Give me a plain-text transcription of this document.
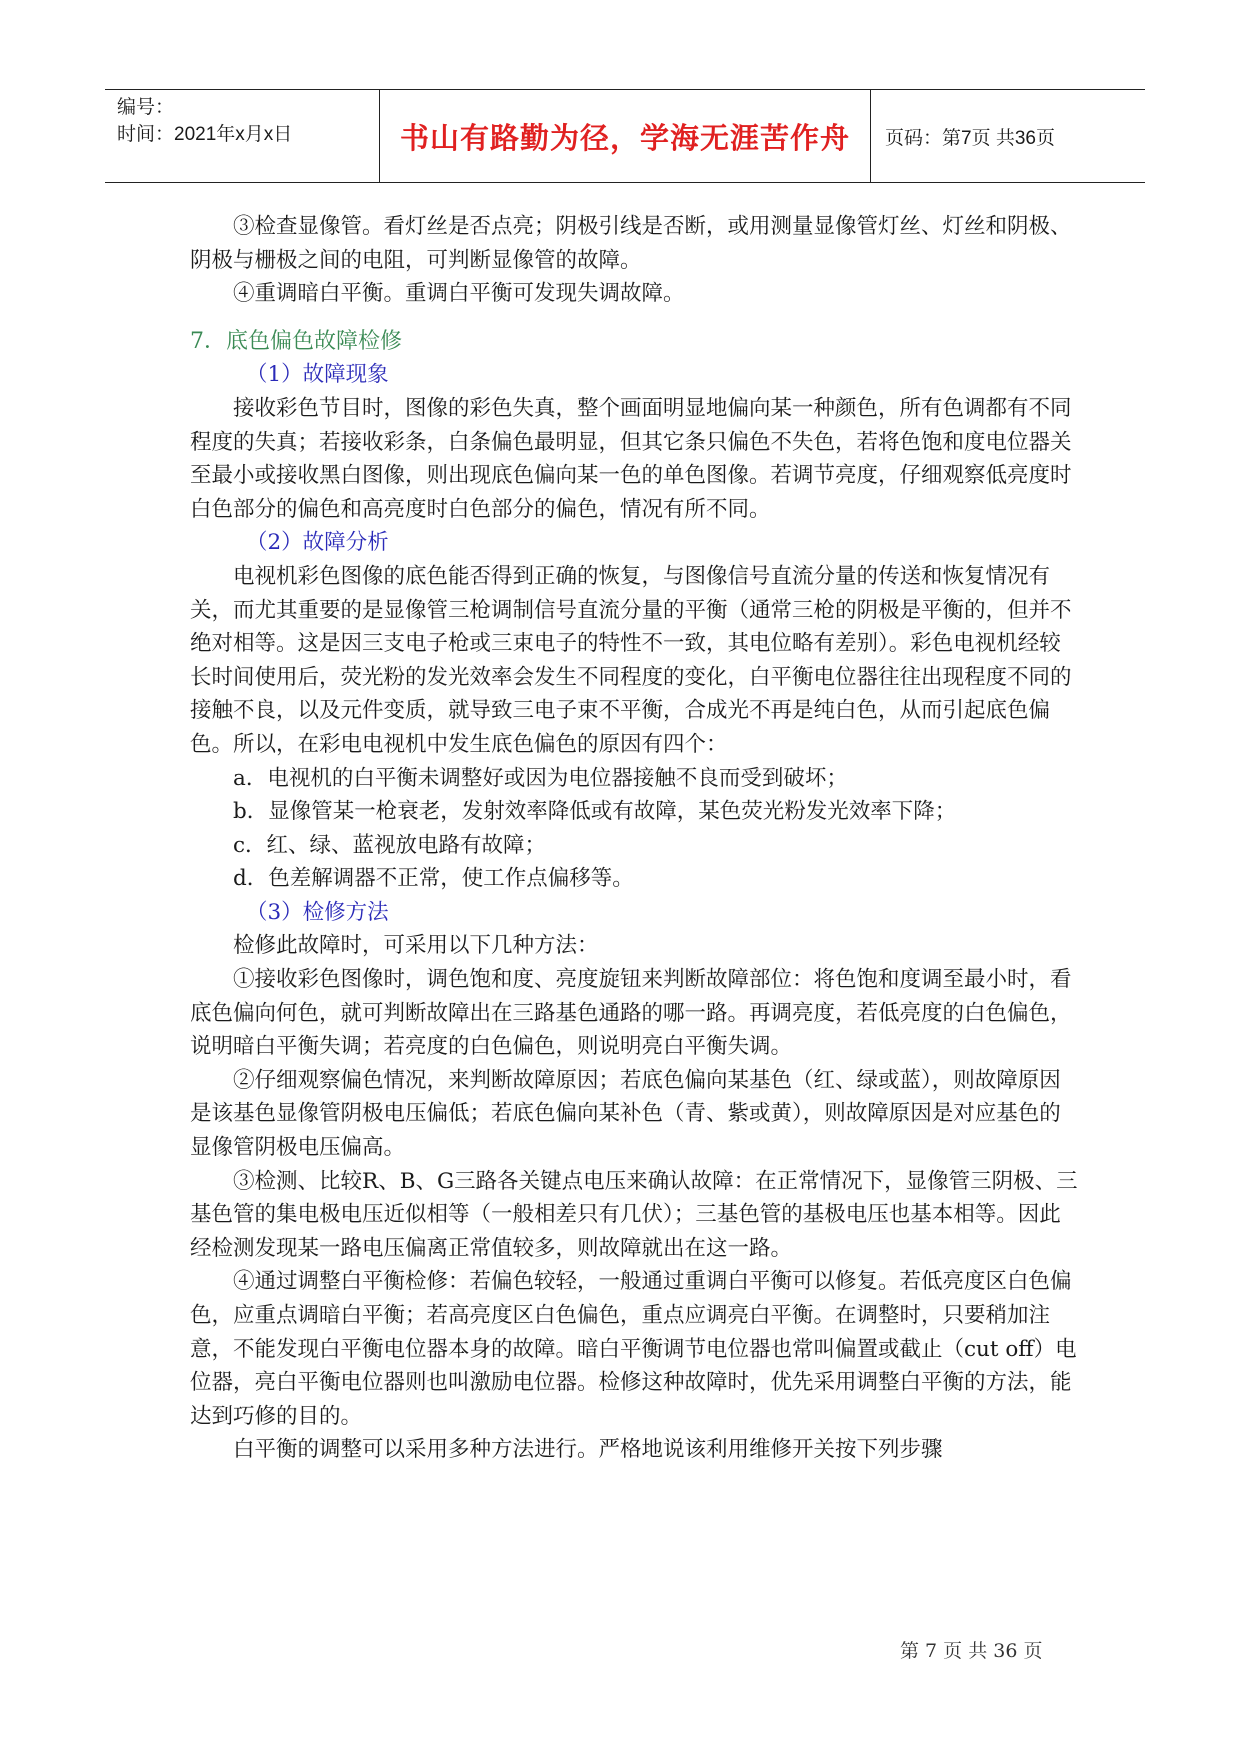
编号：
时间：2021年x月x日	书山有路勤为径，学海无涯苦作舟	页码：第7页 共36页

③检查显像管。看灯丝是否点亮；阴极引线是否断，或用测量显像管灯丝、灯丝和阴极、阴极与栅极之间的电阻，可判断显像管的故障。

④重调暗白平衡。重调白平衡可发现失调故障。

7．底色偏色故障检修

（1）故障现象

接收彩色节目时，图像的彩色失真，整个画面明显地偏向某一种颜色，所有色调都有不同程度的失真；若接收彩条，白条偏色最明显，但其它条只偏色不失色，若将色饱和度电位器关至最小或接收黑白图像，则出现底色偏向某一色的单色图像。若调节亮度，仔细观察低亮度时白色部分的偏色和高亮度时白色部分的偏色，情况有所不同。

（2）故障分析

电视机彩色图像的底色能否得到正确的恢复，与图像信号直流分量的传送和恢复情况有关，而尤其重要的是显像管三枪调制信号直流分量的平衡（通常三枪的阴极是平衡的，但并不绝对相等。这是因三支电子枪或三束电子的特性不一致，其电位略有差别）。彩色电视机经较长时间使用后，荧光粉的发光效率会发生不同程度的变化，白平衡电位器往往出现程度不同的接触不良，以及元件变质，就导致三电子束不平衡，合成光不再是纯白色，从而引起底色偏色。所以，在彩电电视机中发生底色偏色的原因有四个：

a．电视机的白平衡未调整好或因为电位器接触不良而受到破坏；

b．显像管某一枪衰老，发射效率降低或有故障，某色荧光粉发光效率下降；

c．红、绿、蓝视放电路有故障；

d．色差解调器不正常，使工作点偏移等。

（3）检修方法

检修此故障时，可采用以下几种方法：

①接收彩色图像时，调色饱和度、亮度旋钮来判断故障部位：将色饱和度调至最小时，看底色偏向何色，就可判断故障出在三路基色通路的哪一路。再调亮度，若低亮度的白色偏色，说明暗白平衡失调；若亮度的白色偏色，则说明亮白平衡失调。

②仔细观察偏色情况，来判断故障原因；若底色偏向某基色（红、绿或蓝），则故障原因是该基色显像管阴极电压偏低；若底色偏向某补色（青、紫或黄），则故障原因是对应基色的显像管阴极电压偏高。

③检测、比较R、B、G三路各关键点电压来确认故障：在正常情况下，显像管三阴极、三基色管的集电极电压近似相等（一般相差只有几伏）；三基色管的基极电压也基本相等。因此经检测发现某一路电压偏离正常值较多，则故障就出在这一路。

④通过调整白平衡检修：若偏色较轻，一般通过重调白平衡可以修复。若低亮度区白色偏色，应重点调暗白平衡；若高亮度区白色偏色，重点应调亮白平衡。在调整时，只要稍加注意，不能发现白平衡电位器本身的故障。暗白平衡调节电位器也常叫偏置或截止（cut off）电位器，亮白平衡电位器则也叫激励电位器。检修这种故障时，优先采用调整白平衡的方法，能达到巧修的目的。

白平衡的调整可以采用多种方法进行。严格地说该利用维修开关按下列步骤

第 7 页 共 36 页
